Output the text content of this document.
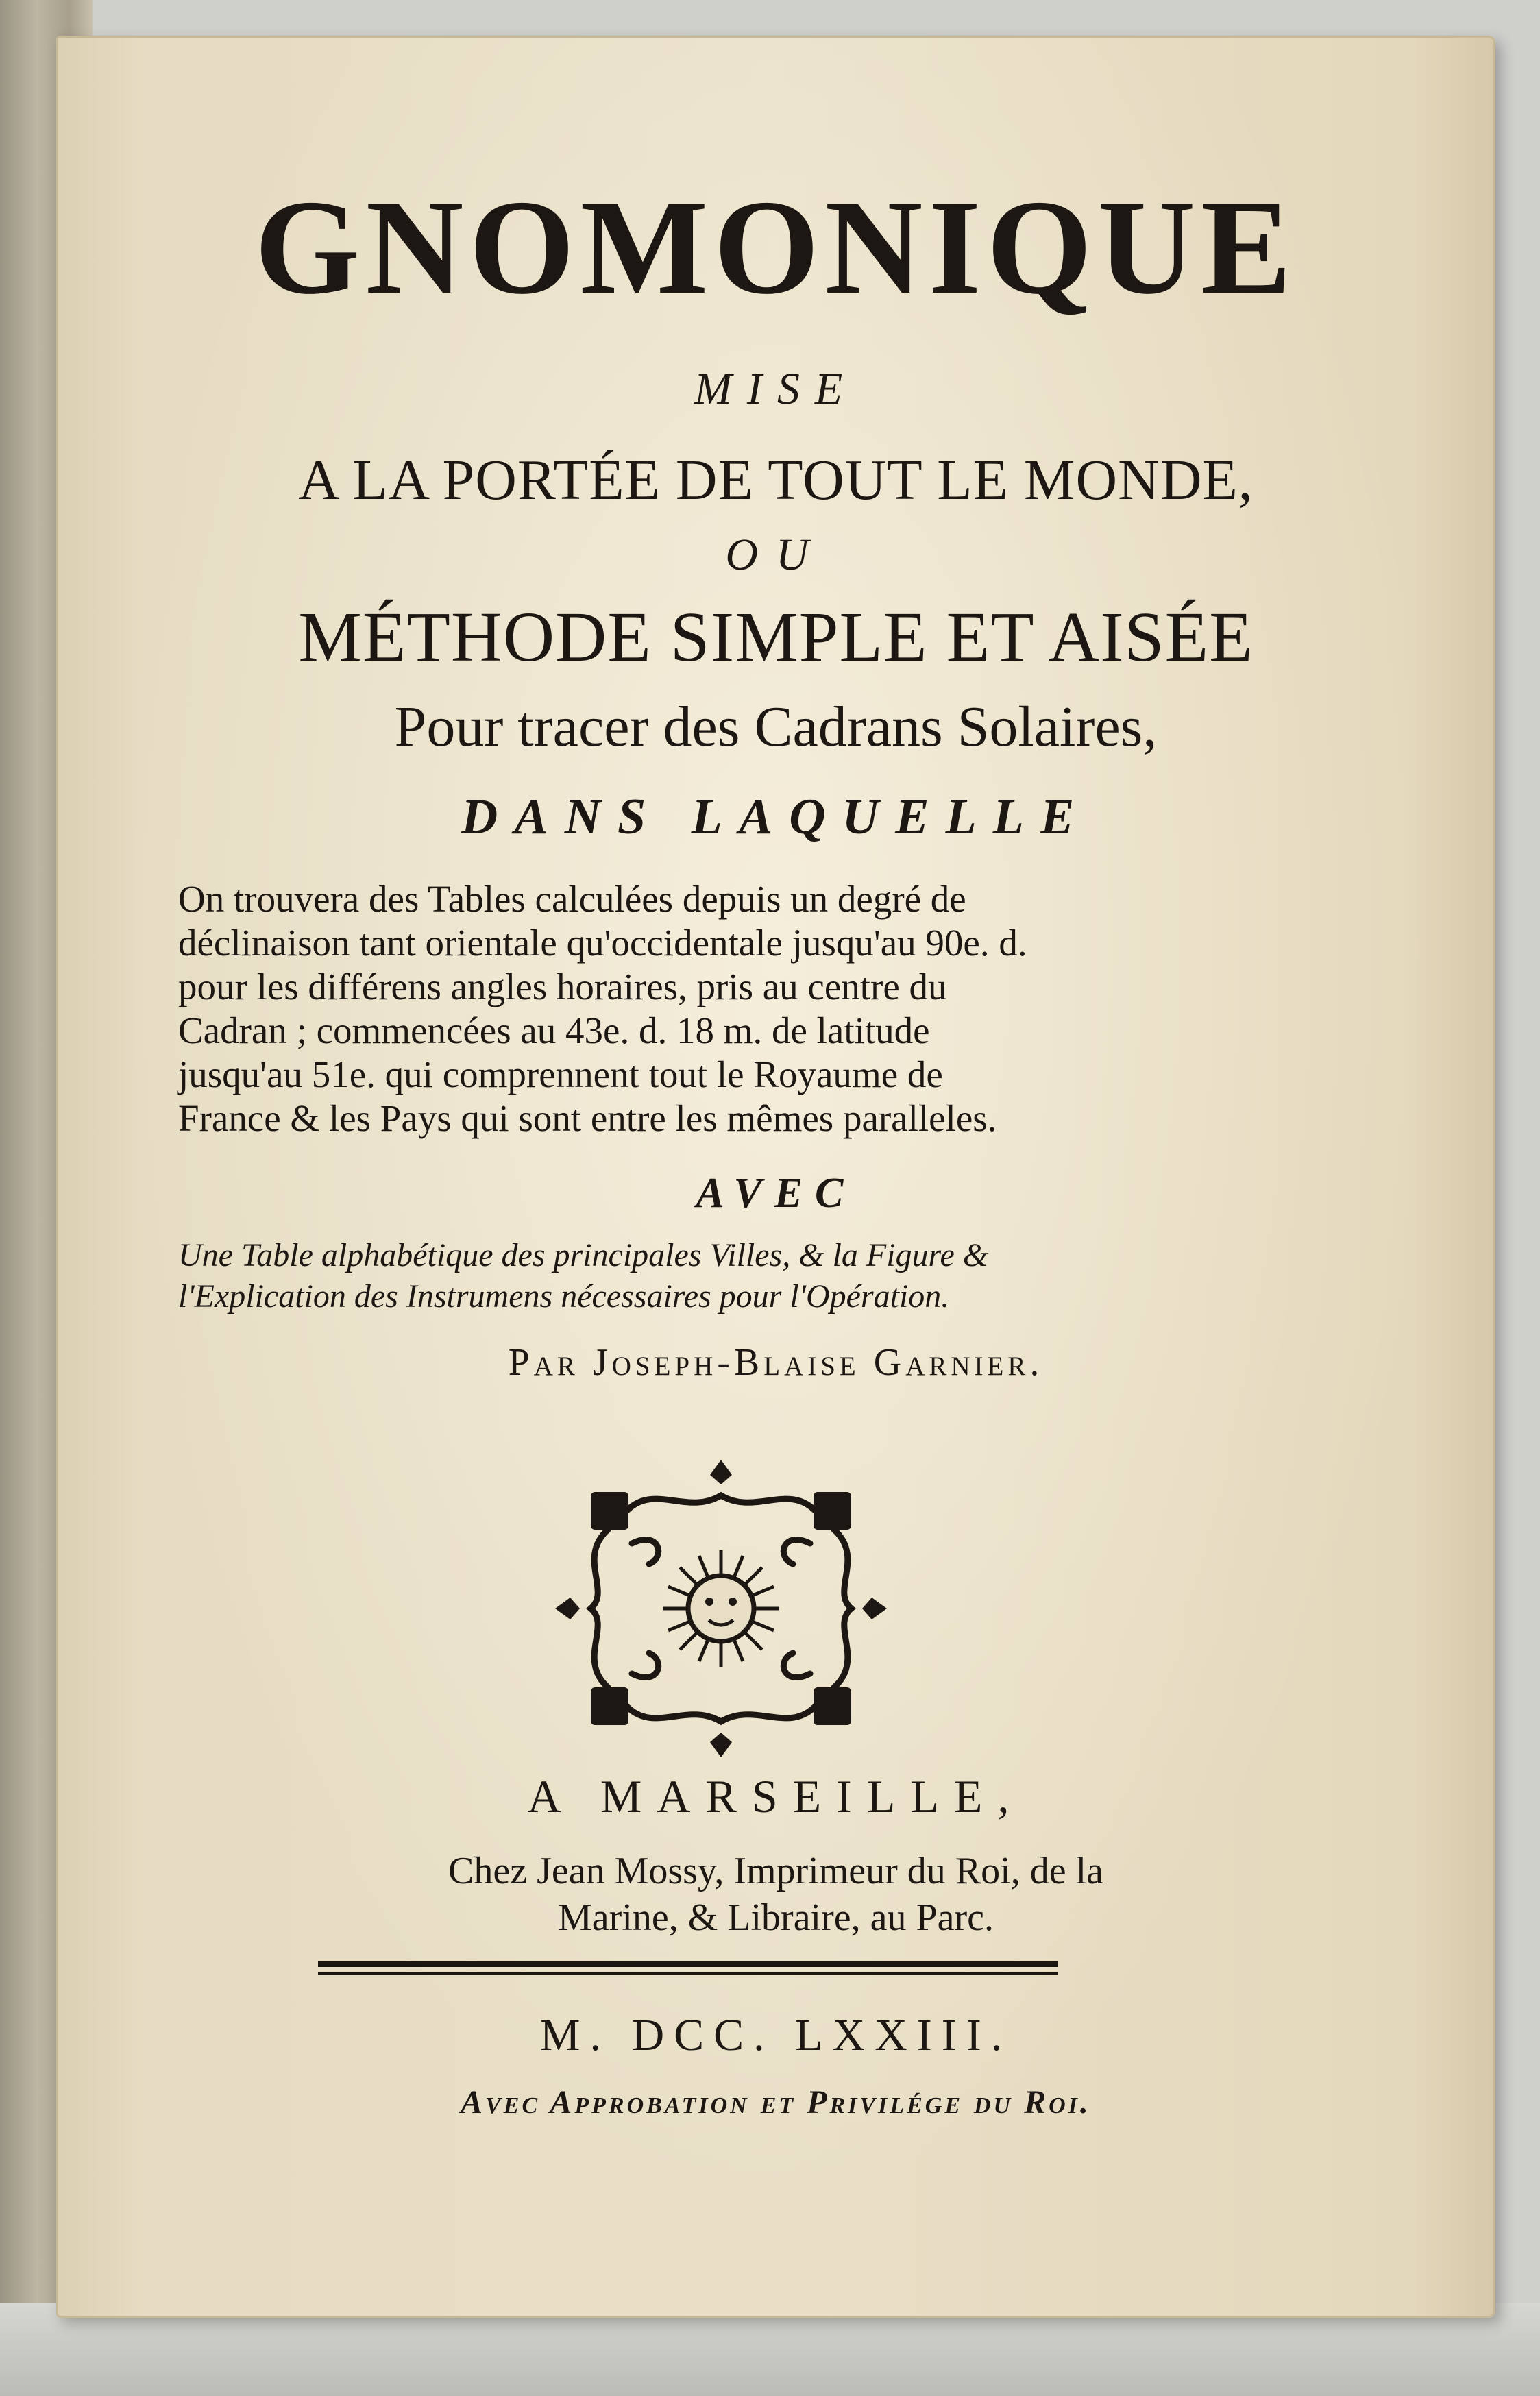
GNOMONIQUE
MISE
A LA PORTÉE DE TOUT LE MONDE,
OU
MÉTHODE SIMPLE ET AISÉE
Pour tracer des Cadrans Solaires,
DANS LAQUELLE
On trouvera des Tables calculées depuis un degré de
déclinaison tant orientale qu'occidentale jusqu'au 90e. d.
pour les différens angles horaires, pris au centre du
Cadran ; commencées au 43e. d. 18 m. de latitude
jusqu'au 51e. qui comprennent tout le Royaume de
France & les Pays qui sont entre les mêmes paralleles.
AVEC
Une Table alphabétique des principales Villes, & la Figure &
l'Explication des Instrumens nécessaires pour l'Opération.
Par Joseph-Blaise Garnier.
A MARSEILLE,
Chez Jean Mossy, Imprimeur du Roi, de la
Marine, & Libraire, au Parc.
M. DCC. LXXIII.
Avec Approbation et Privilége du Roi.
